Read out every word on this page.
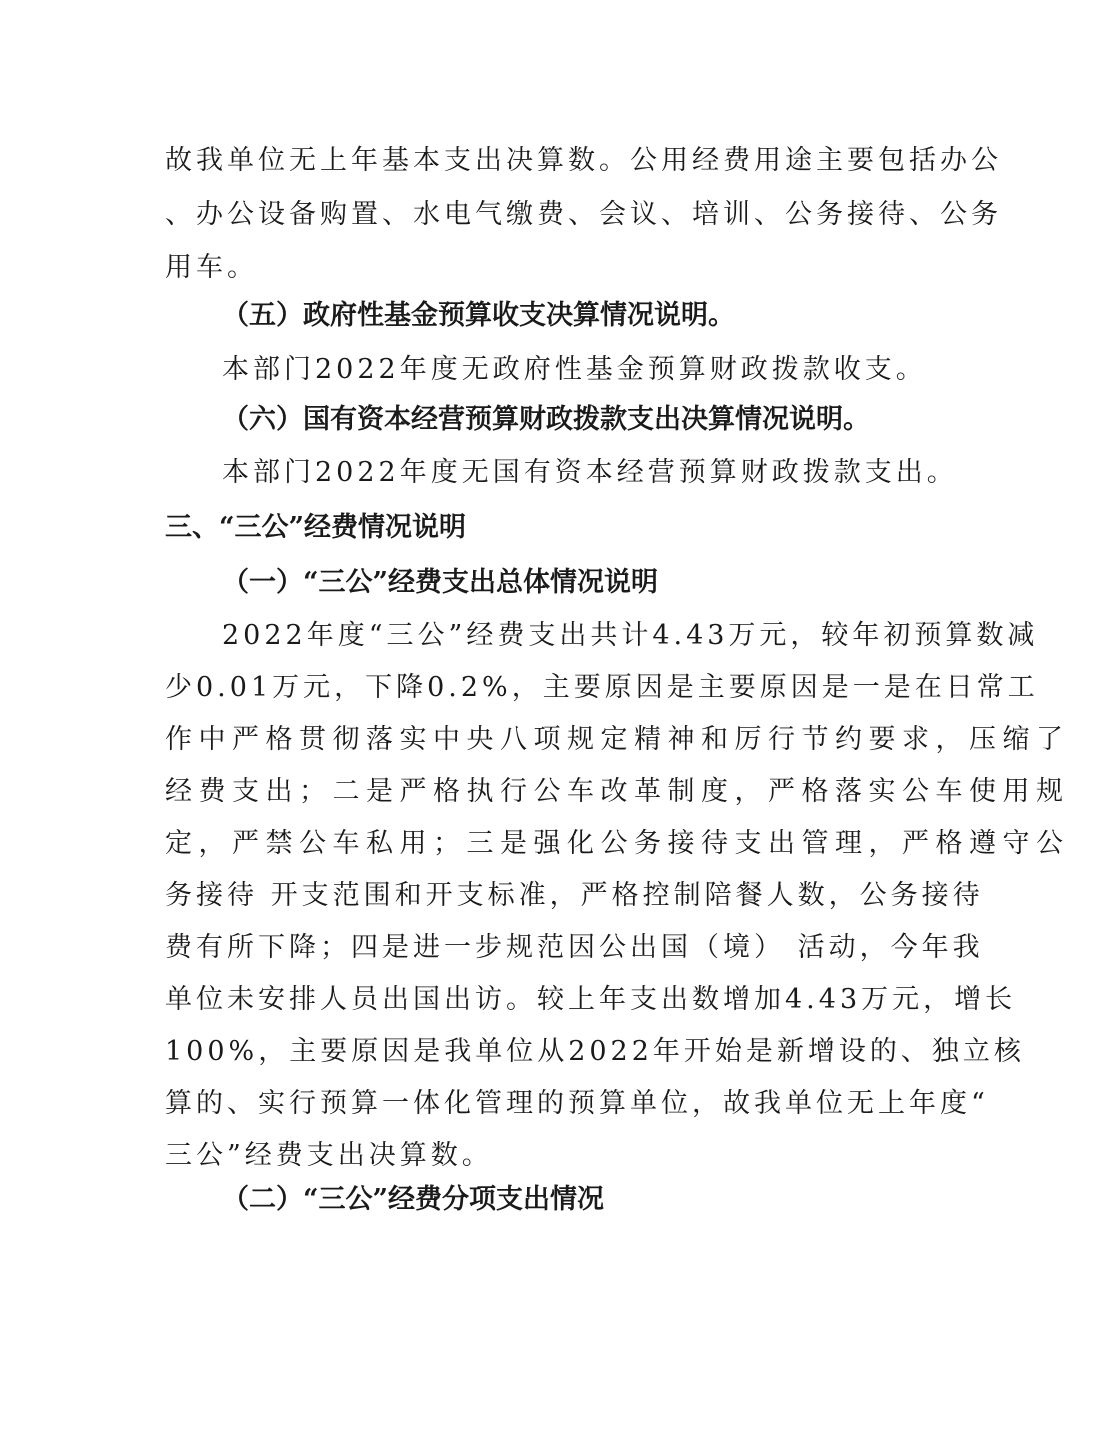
故我单位无上年基本支出决算数。公用经费用途主要包括办公
、办公设备购置、水电气缴费、会议、培训、公务接待、公务
用车。
（五）政府性基金预算收支决算情况说明。
本部门2022年度无政府性基金预算财政拨款收支。
（六）国有资本经营预算财政拨款支出决算情况说明。
本部门2022年度无国有资本经营预算财政拨款支出。
三、“三公”经费情况说明
（一）“三公”经费支出总体情况说明
2022年度“三公”经费支出共计4.43万元，较年初预算数减
少0.01万元，下降0.2%，主要原因是主要原因是一是在日常工
作中严格贯彻落实中央八项规定精神和厉行节约要求，压缩了
经费支出；二是严格执行公车改革制度，严格落实公车使用规
定，严禁公车私用；三是强化公务接待支出管理，严格遵守公
务接待 开支范围和开支标准，严格控制陪餐人数，公务接待
费有所下降；四是进一步规范因公出国（境） 活动，今年我
单位未安排人员出国出访。较上年支出数增加4.43万元，增长
100%，主要原因是我单位从2022年开始是新增设的、独立核
算的、实行预算一体化管理的预算单位，故我单位无上年度“
三公”经费支出决算数。
（二）“三公”经费分项支出情况
